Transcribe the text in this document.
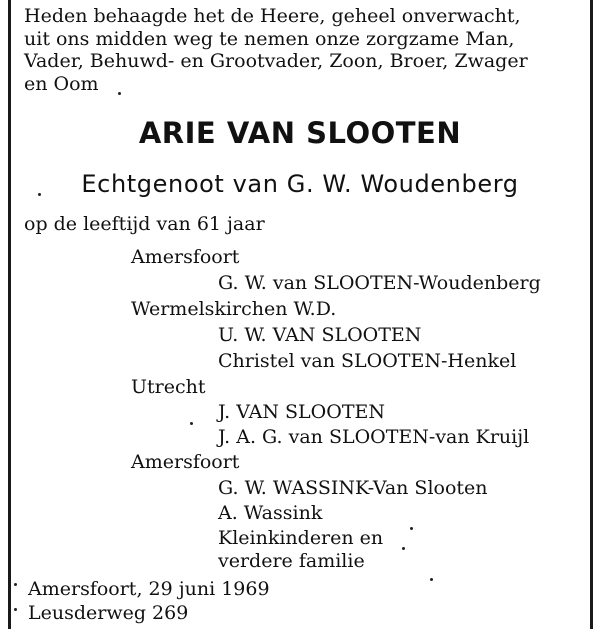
Heden behaagde het de Heere, geheel onverwacht,
uit ons midden weg te nemen onze zorgzame Man,
Vader, Behuwd- en Grootvader, Zoon, Broer, Zwager
en Oom
ARIE VAN SLOOTEN

Echtgenoot van G. W. Woudenberg

op de leeftijd van 61 jaar

Amersfoort

G. W. van SLOOTEN-Woudenberg

Wermelskirchen W.D.

U. W. VAN SLOOTEN

Christel van SLOOTEN-Henkel

Utrecht

J. VAN SLOOTEN

J. A. G. van SLOOTEN-van Kruijl

Amersfoort

G. W. WASSINK-Van Slooten

A. Wassink

Kleinkinderen en

verdere familie

Amersfoort, 29 juni 1969

Leusderweg 269
